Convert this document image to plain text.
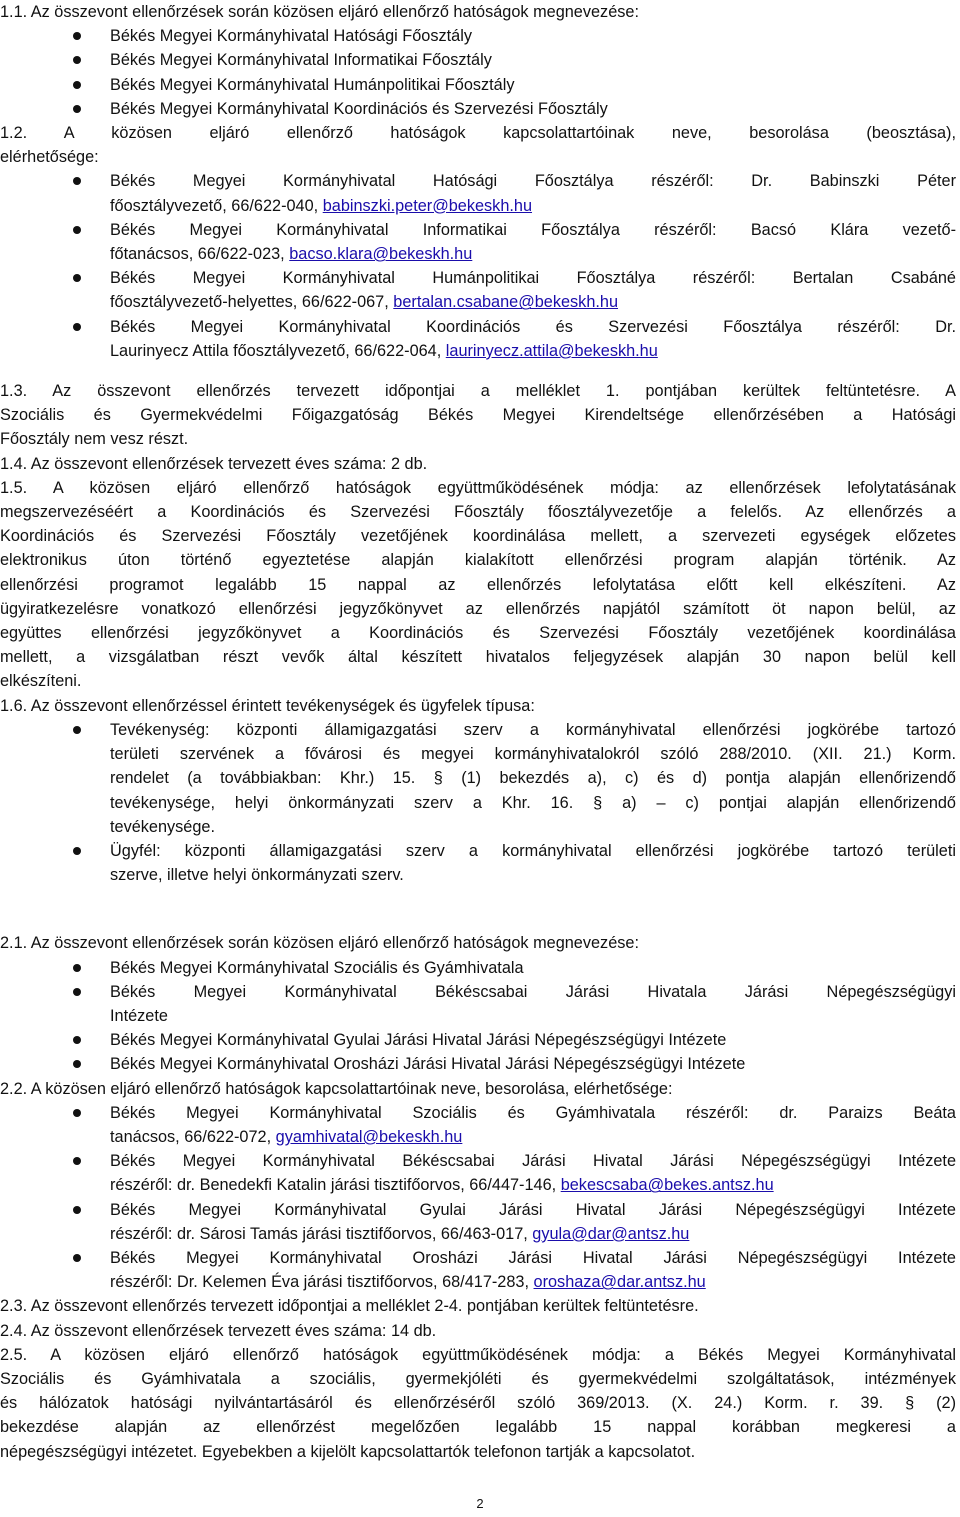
1.1. Az összevont ellenőrzések során közösen eljáró ellenőrző hatóságok megnevezése:
Békés Megyei Kormányhivatal Hatósági Főosztály
Békés Megyei Kormányhivatal Informatikai Főosztály
Békés Megyei Kormányhivatal Humánpolitikai Főosztály
Békés Megyei Kormányhivatal Koordinációs és Szervezési Főosztály
1.2. A közösen eljáró ellenőrző hatóságok kapcsolattartóinak neve, besorolása (beosztása),
elérhetősége:
Békés Megyei Kormányhivatal Hatósági Főosztálya részéről: Dr. Babinszki Péter
főosztályvezető, 66/622-040, babinszki.peter@bekeskh.hu
Békés Megyei Kormányhivatal Informatikai Főosztálya részéről: Bacsó Klára vezető-
főtanácsos, 66/622-023, bacso.klara@bekeskh.hu
Békés Megyei Kormányhivatal Humánpolitikai Főosztálya részéről: Bertalan Csabáné
főosztályvezető-helyettes, 66/622-067, bertalan.csabane@bekeskh.hu
Békés Megyei Kormányhivatal Koordinációs és Szervezési Főosztálya részéről: Dr.
Laurinyecz Attila főosztályvezető, 66/622-064, laurinyecz.attila@bekeskh.hu
1.3. Az összevont ellenőrzés tervezett időpontjai a melléklet 1. pontjában kerültek feltüntetésre. A
Szociális és Gyermekvédelmi Főigazgatóság Békés Megyei Kirendeltsége ellenőrzésében a Hatósági
Főosztály nem vesz részt.
1.4. Az összevont ellenőrzések tervezett éves száma: 2 db.
1.5. A közösen eljáró ellenőrző hatóságok együttműködésének módja: az ellenőrzések lefolytatásának
megszervezéséért a Koordinációs és Szervezési Főosztály főosztályvezetője a felelős. Az ellenőrzés a
Koordinációs és Szervezési Főosztály vezetőjének koordinálása mellett, a szervezeti egységek előzetes
elektronikus úton történő egyeztetése alapján kialakított ellenőrzési program alapján történik. Az
ellenőrzési programot legalább 15 nappal az ellenőrzés lefolytatása előtt kell elkészíteni. Az
ügyiratkezelésre vonatkozó ellenőrzési jegyzőkönyvet az ellenőrzés napjától számított öt napon belül, az
együttes ellenőrzési jegyzőkönyvet a Koordinációs és Szervezési Főosztály vezetőjének koordinálása
mellett, a vizsgálatban részt vevők által készített hivatalos feljegyzések alapján 30 napon belül kell
elkészíteni.
1.6. Az összevont ellenőrzéssel érintett tevékenységek és ügyfelek típusa:
Tevékenység: központi államigazgatási szerv a kormányhivatal ellenőrzési jogkörébe tartozó
területi szervének a fővárosi és megyei kormányhivatalokról szóló 288/2010. (XII. 21.) Korm.
rendelet (a továbbiakban: Khr.) 15. § (1) bekezdés a), c) és d) pontja alapján ellenőrizendő
tevékenysége, helyi önkormányzati szerv a Khr. 16. § a) – c) pontjai alapján ellenőrizendő
tevékenysége.
Ügyfél: központi államigazgatási szerv a kormányhivatal ellenőrzési jogkörébe tartozó területi
szerve, illetve helyi önkormányzati szerv.
2.1. Az összevont ellenőrzések során közösen eljáró ellenőrző hatóságok megnevezése:
Békés Megyei Kormányhivatal Szociális és Gyámhivatala
Békés Megyei Kormányhivatal Békéscsabai Járási Hivatala Járási Népegészségügyi
Intézete
Békés Megyei Kormányhivatal Gyulai Járási Hivatal Járási Népegészségügyi Intézete
Békés Megyei Kormányhivatal Orosházi Járási Hivatal Járási Népegészségügyi Intézete
2.2. A közösen eljáró ellenőrző hatóságok kapcsolattartóinak neve, besorolása, elérhetősége:
Békés Megyei Kormányhivatal Szociális és Gyámhivatala részéről: dr. Paraizs Beáta
tanácsos, 66/622-072, gyamhivatal@bekeskh.hu
Békés Megyei Kormányhivatal Békéscsabai Járási Hivatal Járási Népegészségügyi Intézete
részéről: dr. Benedekfi Katalin járási tisztifőorvos, 66/447-146, bekescsaba@bekes.antsz.hu
Békés Megyei Kormányhivatal Gyulai Járási Hivatal Járási Népegészségügyi Intézete
részéről: dr. Sárosi Tamás járási tisztifőorvos, 66/463-017, gyula@dar@antsz.hu
Békés Megyei Kormányhivatal Orosházi Járási Hivatal Járási Népegészségügyi Intézete
részéről: Dr. Kelemen Éva járási tisztifőorvos, 68/417-283, oroshaza@dar.antsz.hu
2.3. Az összevont ellenőrzés tervezett időpontjai a melléklet 2-4. pontjában kerültek feltüntetésre.
2.4. Az összevont ellenőrzések tervezett éves száma: 14 db.
2.5. A közösen eljáró ellenőrző hatóságok együttműködésének módja: a Békés Megyei Kormányhivatal
Szociális és Gyámhivatala a szociális, gyermekjóléti és gyermekvédelmi szolgáltatások, intézmények
és hálózatok hatósági nyilvántartásáról és ellenőrzéséről szóló 369/2013. (X. 24.) Korm. r. 39. § (2)
bekezdése alapján az ellenőrzést megelőzően legalább 15 nappal korábban megkeresi a
népegészségügyi intézetet. Egyebekben a kijelölt kapcsolattartók telefonon tartják a kapcsolatot.
2
